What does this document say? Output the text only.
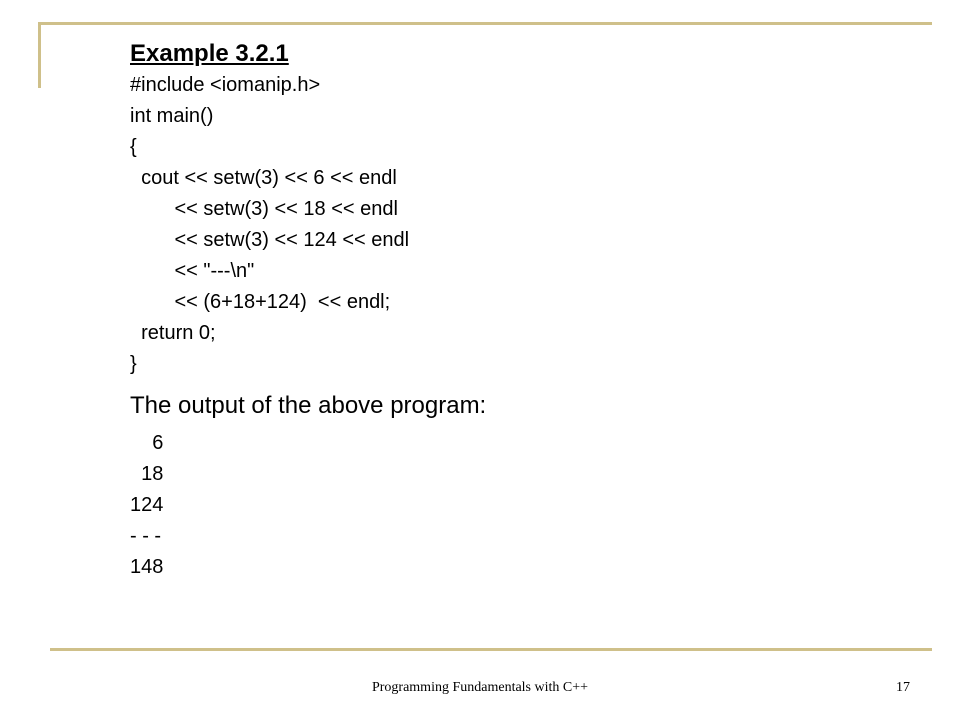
Example 3.2.1
#include <iomanip.h>
int main()
{
cout << setw(3) << 6 << endl
<< setw(3) << 18 << endl
<< setw(3) << 124 << endl
<< "---\n"
<< (6+18+124)  << endl;
return 0;
}
The output of the above program:
6
18
124
- - -
148
Programming Fundamentals with C++	17
